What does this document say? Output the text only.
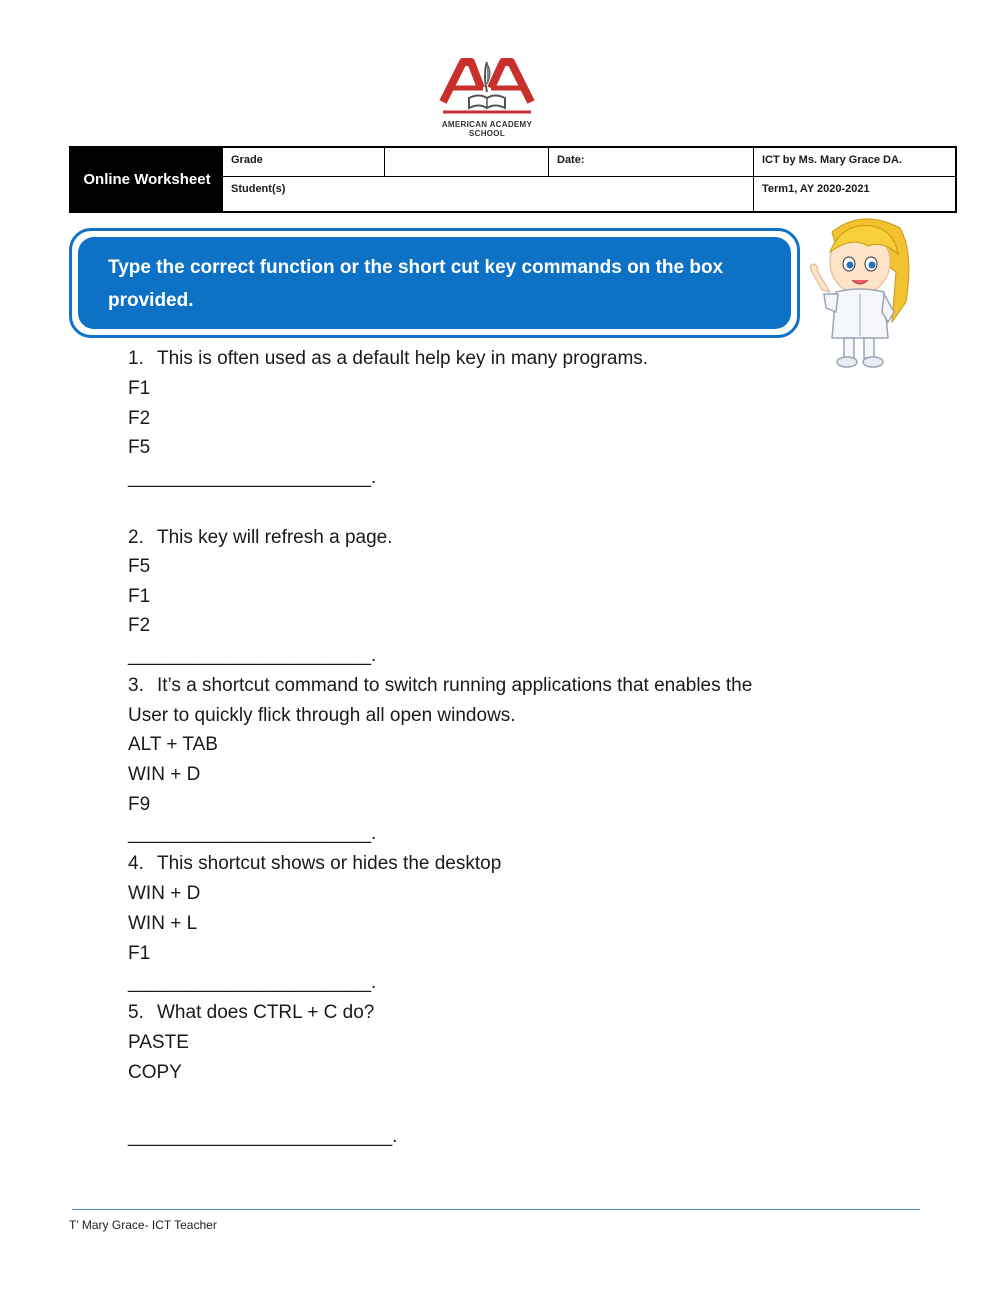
AMERICAN ACADEMY
SCHOOL
Online Worksheet
Grade	Date:	ICT by Ms. Mary Grace DA.
Student(s)	Term1, AY 2020-2021
Type the correct function or the short cut key commands on the box provided.
1. This is often used as a default help key in many programs.
F1
F2
F5
_______________________.
2. This key will refresh a page.
F5
F1
F2
_______________________.
3. It’s a shortcut command to switch running applications that enables the
User to quickly flick through all open windows.
ALT + TAB
WIN + D
F9
_______________________.
4. This shortcut shows or hides the desktop
WIN + D
WIN + L
F1
_______________________.
5. What does CTRL + C do?
PASTE
COPY
_________________________.
T’ Mary Grace- ICT Teacher
